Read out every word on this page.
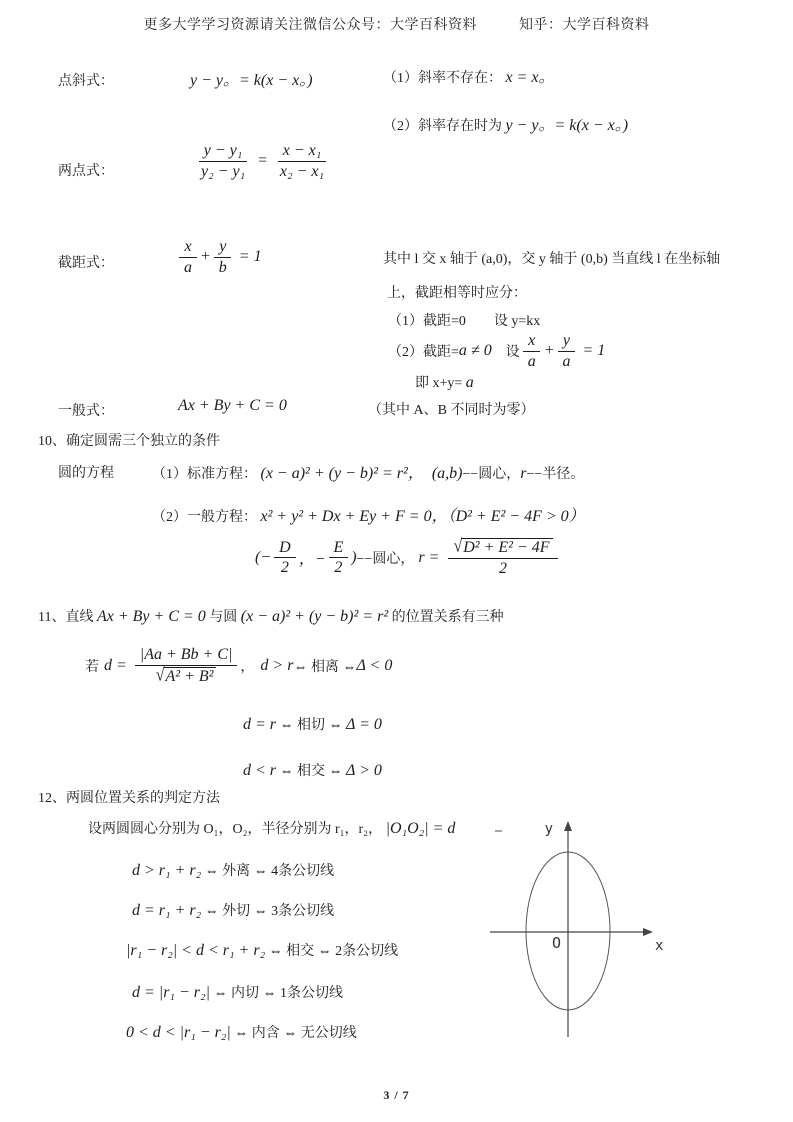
更多大学学习资源请关注微信公众号：大学百科资料	知乎：大学百科资料
点斜式：	y − y。= k(x − x。)	（1）斜率不存在： x = x。
（2）斜率存在时为 y − y。= k(x − x。)
两点式：	$\frac{\text{y − y₁}}{\text{y₂ − y₁}} = \frac{\text{x − x₁}}{\text{x₂ − x₁}}$
截距式：	$\frac{x}{a} + \frac{y}{b} = 1$	其中 l 交 x 轴于 (a,0)，交 y 轴于 (0,b) 当直线 l 在坐标轴
上，截距相等时应分：
（1）截距=0　　设 y=kx
（2）截距= a ≠ 0 　设 $\frac{x}{a} + \frac{y}{a} = 1$
即 x+y= a
一般式：	Ax + By + C = 0	（其中 A、B 不同时为零）
10、确定圆需三个独立的条件
圆的方程	（1）标准方程： (x − a)² + (y − b)² = r²，　(a,b)−−圆心，r−−半径。
（2）一般方程： x² + y² + Dx + Ey + F = 0，（D² + E² − 4F > 0）
(− $\frac{D}{2}$ ，− $\frac{E}{2}$ ) −−圆心， $r = \frac{\text{√ D² + E² − 4F}}{2}$
11、直线 Ax + By + C = 0 与圆 (x − a)² + (y − b)² = r² 的位置关系有三种
若 $d = \frac{|Aa + Bb + C|}{\text{√ A² + B²}}$ ， d > r ⇔ 相离 ⇔ Δ < 0
d = r ⇔ 相切 ⇔ Δ = 0
d < r ⇔ 相交 ⇔ Δ > 0
12、两圆位置关系的判定方法
设两圆圆心分别为 O₁，O₂，半径分别为 r₁，r₂， |O₁O₂| = d
d > r₁ + r₂ ⇔ 外离 ⇔ 4条公切线
d = r₁ + r₂ ⇔ 外切 ⇔ 3条公切线
|r₁ − r₂| < d < r₁ + r₂ ⇔ 相交 ⇔ 2条公切线
d = |r₁ − r₂| ⇔ 内切 ⇔ 1条公切线
0 < d < |r₁ − r₂| ⇔ 内含 ⇔ 无公切线
y
x
O
3 / 7
